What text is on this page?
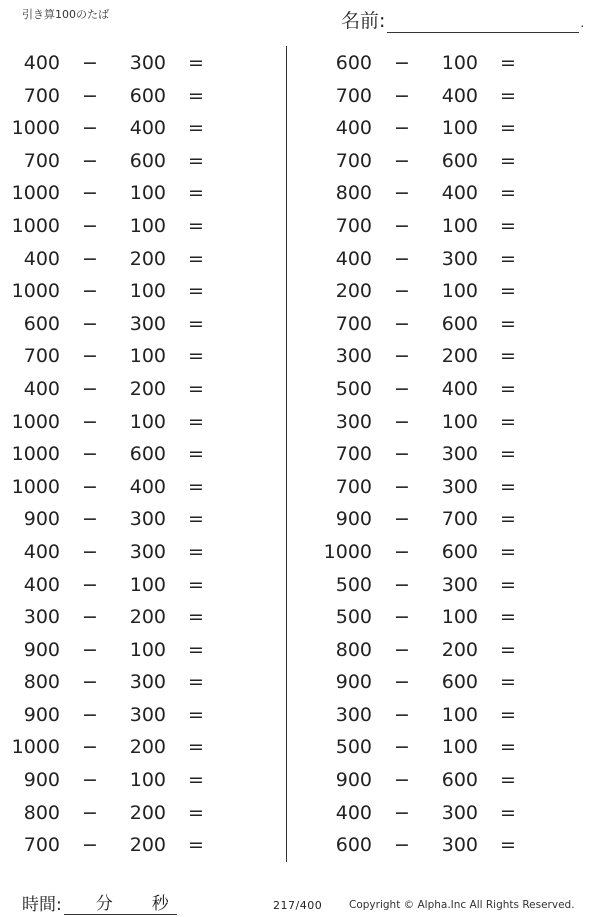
引き算100のたば	名前:	.
400 −	300 =
700 −	600 =
1000 −	400 =
700 −	600 =
1000 −	100 =
1000 −	100 =
400 −	200 =
1000 −	100 =
600 −	300 =
700 −	100 =
400 −	200 =
1000 −	100 =
1000 −	600 =
1000 −	400 =
900 −	300 =
400 −	300 =
400 −	100 =
300 −	200 =
900 −	100 =
800 −	300 =
900 −	300 =
1000 −	200 =
900 −	100 =
800 −	200 =
700 −	200 =
600 −	100 =
700 −	400 =
400 −	100 =
700 −	600 =
800 −	400 =
700 −	100 =
400 −	300 =
200 −	100 =
700 −	600 =
300 −	200 =
500 −	400 =
300 −	100 =
700 −	300 =
700 −	300 =
900 −	700 =
1000 −	600 =
500 −	300 =
500 −	100 =
800 −	200 =
900 −	600 =
300 −	100 =
500 −	100 =
900 −	600 =
400 −	300 =
600 −	300 =
時間: 分 秒	217/400	Copyright © Alpha.Inc All Rights Reserved.
